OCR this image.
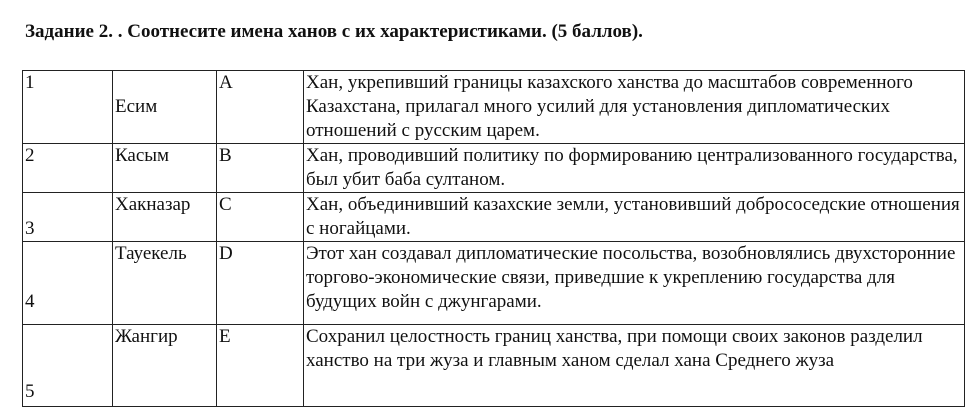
Задание 2. . Соотнесите имена ханов с их характеристиками. (5 баллов).
1	Есим	A	Хан, укрепивший границы казахского ханства до масштабов современного Казахстана, прилагал много усилий для установления дипломатических отношений с русским царем.
2	Касым	B	Хан, проводивший политику по формированию централизованного государства, был убит баба султаном.
3	Хакназар	C	Хан, объединивший казахские земли, установивший добрососедские отношения с ногайцами.
4	Тауекель	D	Этот хан создавал дипломатические посольства, возобновлялись двухсторонние торгово-экономические связи, приведшие к укреплению государства для будущих войн с джунгарами.
5	Жангир	E	Сохранил целостность границ ханства, при помощи своих законов разделил ханство на три жуза и главным ханом сделал хана Среднего жуза
